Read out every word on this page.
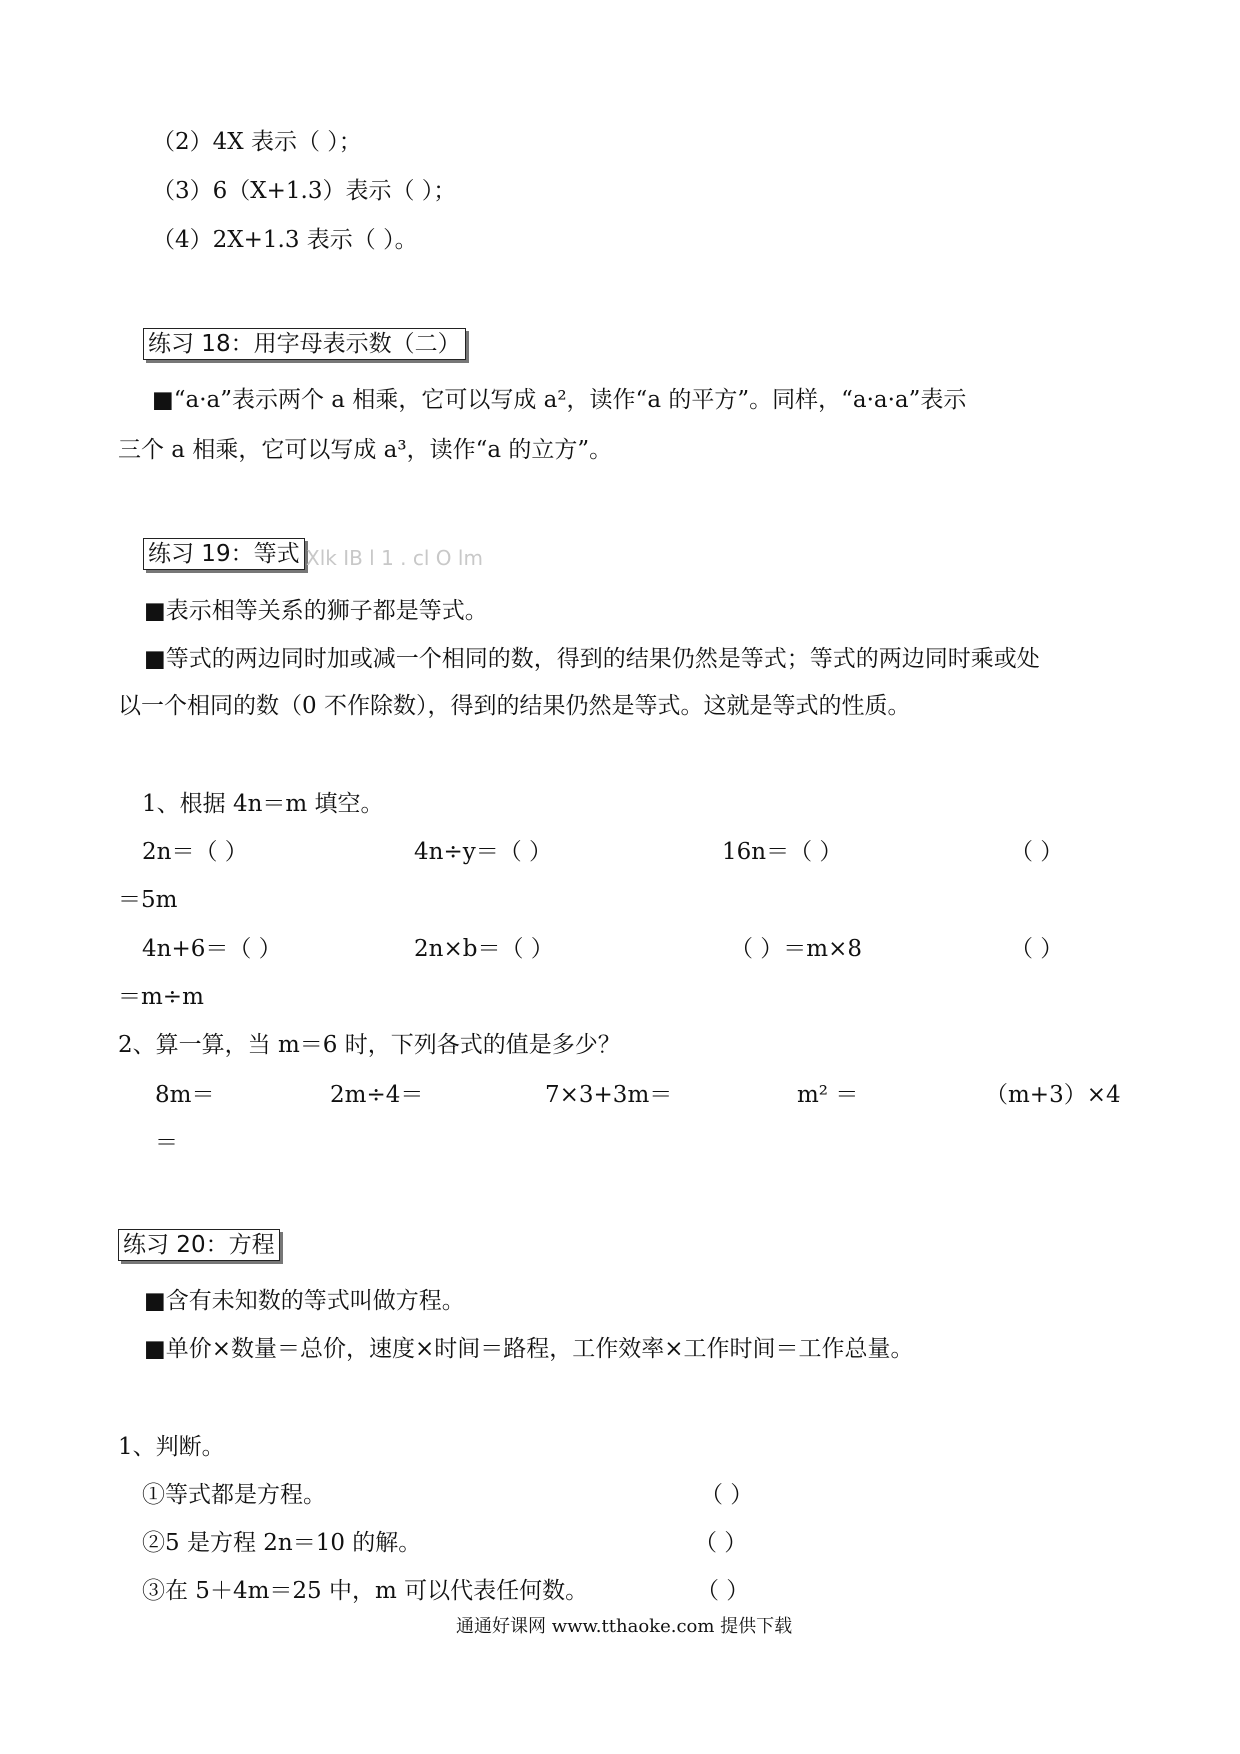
（2）4X 表示（ ）；
（3）6（X+1.3）表示（ ）；
（4）2X+1.3 表示（ ）。
练习 18：用字母表示数（二）
■“a·a”表示两个 a 相乘，它可以写成 a²，读作“a 的平方”。同样，“a·a·a”表示
三个 a 相乘，它可以写成 a³，读作“a 的立方”。
练习 19：等式 Xlk IB l 1 . cl O lm
■表示相等关系的狮子都是等式。
■等式的两边同时加或减一个相同的数，得到的结果仍然是等式；等式的两边同时乘或处
以一个相同的数（0 不作除数），得到的结果仍然是等式。这就是等式的性质。
1、根据 4n＝m 填空。
2n＝（ ）	4n÷y＝（ ）	16n＝（ ）	（ ）
＝5m
4n+6＝（ ）	2n×b＝（ ）	（ ）＝m×8	（ ）
＝m÷m
2、算一算，当 m＝6 时，下列各式的值是多少？
8m＝	2m÷4＝	7×3+3m＝	m² ＝	（m+3）×4
＝
练习 20：方程
■含有未知数的等式叫做方程。
■单价×数量＝总价，速度×时间＝路程，工作效率×工作时间＝工作总量。
1、判断。
①等式都是方程。	（ ）
②5 是方程 2n＝10 的解。	（ ）
③在 5＋4m＝25 中，m 可以代表任何数。	（ ）
通通好课网 www.tthaoke.com 提供下载
